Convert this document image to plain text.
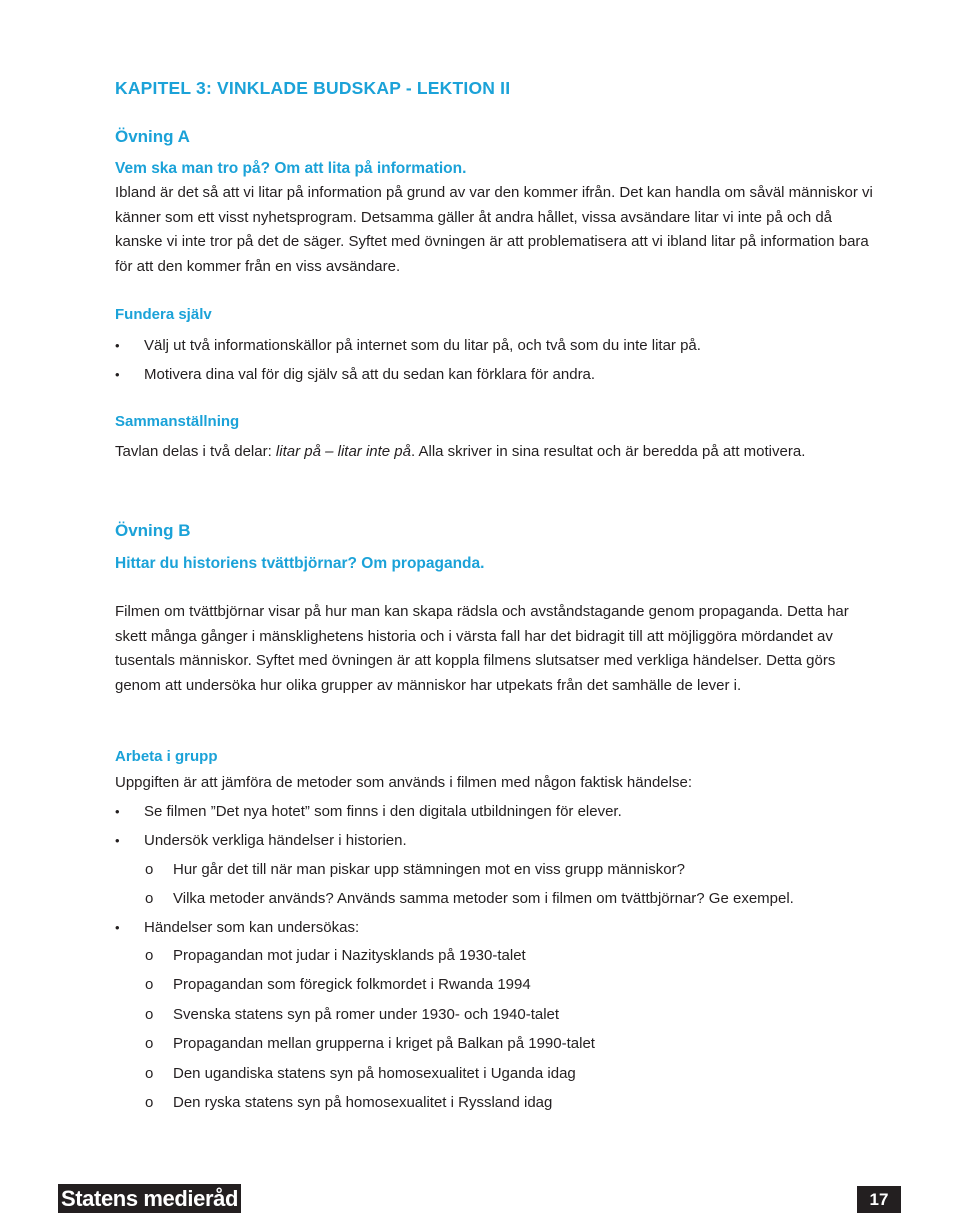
KAPITEL 3: VINKLADE BUDSKAP - LEKTION II
Övning A
Vem ska man tro på? Om att lita på information.

Ibland är det så att vi litar på information på grund av var den kommer ifrån. Det kan handla om såväl människor vi känner som ett visst nyhetsprogram. Detsamma gäller åt andra hållet, vissa avsändare litar vi inte på och då kanske vi inte tror på det de säger. Syftet med övningen är att problematisera att vi ibland litar på information bara för att den kommer från en viss avsändare.

Fundera själv
• Välj ut två informationskällor på internet som du litar på, och två som du inte litar på.
• Motivera dina val för dig själv så att du sedan kan förklara för andra.
Sammanställning

Tavlan delas i två delar: litar på – litar inte på. Alla skriver in sina resultat och är beredda på att motivera.

Övning B
Hittar du historiens tvättbjörnar? Om propaganda.

Filmen om tvättbjörnar visar på hur man kan skapa rädsla och avståndstagande genom propaganda. Detta har skett många gånger i mänsklighetens historia och i värsta fall har det bidragit till att möjliggöra mördandet av tusentals människor. Syftet med övningen är att koppla filmens slutsatser med verkliga händelser. Detta görs genom att undersöka hur olika grupper av människor har utpekats från det samhälle de lever i.

Arbeta i grupp

Uppgiften är att jämföra de metoder som används i filmen med någon faktisk händelse:

• Se filmen ”Det nya hotet” som finns i den digitala utbildningen för elever.
• Undersök verkliga händelser i historien.
o Hur går det till när man piskar upp stämningen mot en viss grupp människor?
o Vilka metoder används? Används samma metoder som i filmen om tvättbjörnar? Ge exempel.
• Händelser som kan undersökas:
o Propagandan mot judar i Nazitysklands på 1930-talet
o Propagandan som föregick folkmordet i Rwanda 1994
o Svenska statens syn på romer under 1930- och 1940-talet
o Propagandan mellan grupperna i kriget på Balkan på 1990-talet
o Den ugandiska statens syn på homosexualitet i Uganda idag
o Den ryska statens syn på homosexualitet i Ryssland idag
Statens medieråd	17
